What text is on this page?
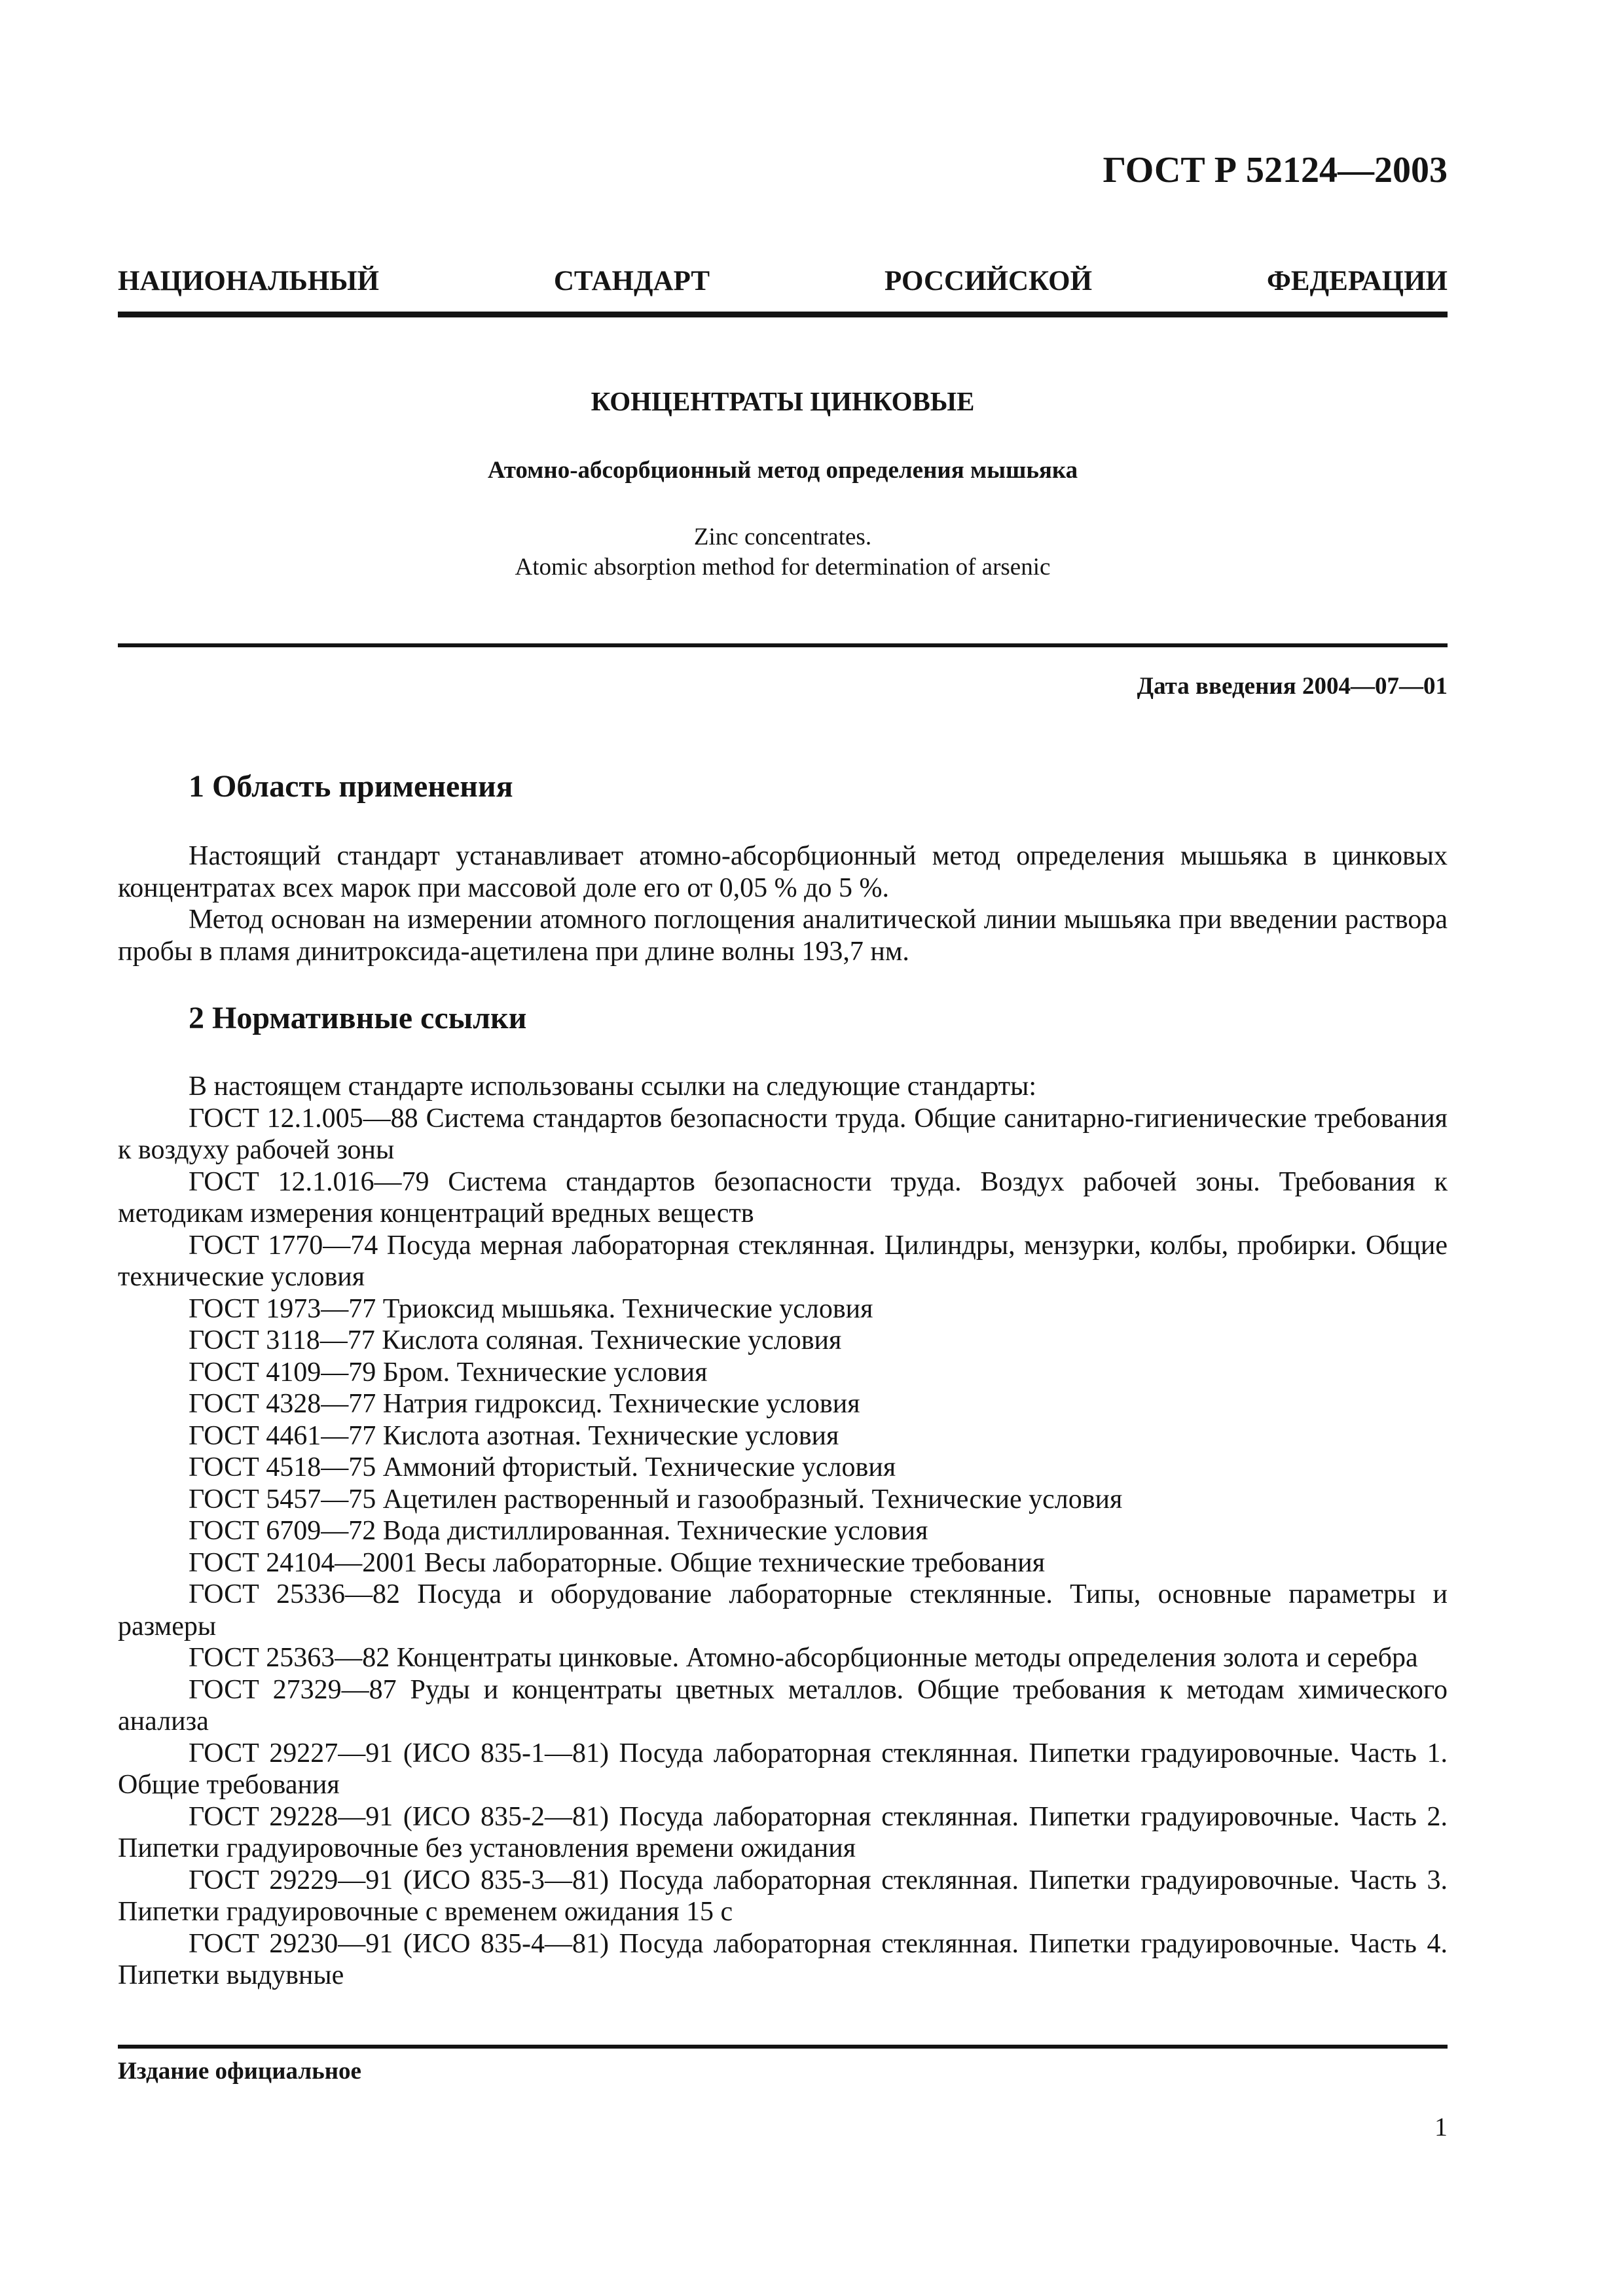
ГОСТ Р 52124—2003
НАЦИОНАЛЬНЫЙ	СТАНДАРТ	РОССИЙСКОЙ	ФЕДЕРАЦИИ
КОНЦЕНТРАТЫ ЦИНКОВЫЕ
Атомно-абсорбционный метод определения мышьяка
Zinc concentrates.
Atomic absorption method for determination of arsenic
Дата введения 2004—07—01
1 Область применения

Настоящий стандарт устанавливает атомно-абсорбционный метод определения мышьяка в цинковых концентратах всех марок при массовой доле его от 0,05 % до 5 %.

Метод основан на измерении атомного поглощения аналитической линии мышьяка при введении раствора пробы в пламя динитроксида-ацетилена при длине волны 193,7 нм.

2 Нормативные ссылки

В настоящем стандарте использованы ссылки на следующие стандарты:

ГОСТ 12.1.005—88 Система стандартов безопасности труда. Общие санитарно-гигиенические требования к воздуху рабочей зоны

ГОСТ 12.1.016—79 Система стандартов безопасности труда. Воздух рабочей зоны. Требования к методикам измерения концентраций вредных веществ

ГОСТ 1770—74 Посуда мерная лабораторная стеклянная. Цилиндры, мензурки, колбы, пробирки. Общие технические условия

ГОСТ 1973—77 Триоксид мышьяка. Технические условия

ГОСТ 3118—77 Кислота соляная. Технические условия

ГОСТ 4109—79 Бром. Технические условия

ГОСТ 4328—77 Натрия гидроксид. Технические условия

ГОСТ 4461—77 Кислота азотная. Технические условия

ГОСТ 4518—75 Аммоний фтористый. Технические условия

ГОСТ 5457—75 Ацетилен растворенный и газообразный. Технические условия

ГОСТ 6709—72 Вода дистиллированная. Технические условия

ГОСТ 24104—2001 Весы лабораторные. Общие технические требования

ГОСТ 25336—82 Посуда и оборудование лабораторные стеклянные. Типы, основные параметры и размеры

ГОСТ 25363—82 Концентраты цинковые. Атомно-абсорбционные методы определения золота и серебра

ГОСТ 27329—87 Руды и концентраты цветных металлов. Общие требования к методам химического анализа

ГОСТ 29227—91 (ИСО 835-1—81) Посуда лабораторная стеклянная. Пипетки градуировочные. Часть 1. Общие требования

ГОСТ 29228—91 (ИСО 835-2—81) Посуда лабораторная стеклянная. Пипетки градуировочные. Часть 2. Пипетки градуировочные без установления времени ожидания

ГОСТ 29229—91 (ИСО 835-3—81) Посуда лабораторная стеклянная. Пипетки градуировочные. Часть 3. Пипетки градуировочные с временем ожидания 15 с

ГОСТ 29230—91 (ИСО 835-4—81) Посуда лабораторная стеклянная. Пипетки градуировочные. Часть 4. Пипетки выдувные

Издание официальное
1
